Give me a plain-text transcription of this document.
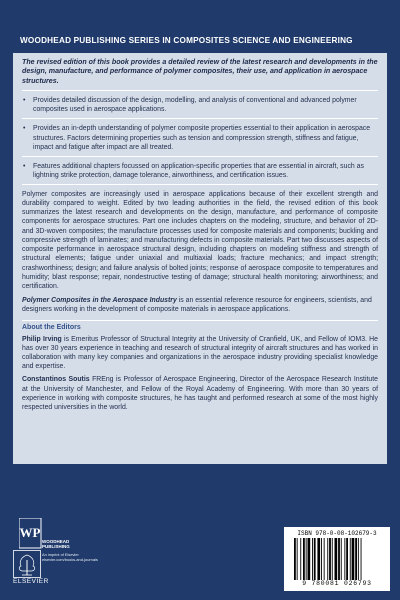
WOODHEAD PUBLISHING SERIES IN COMPOSITES SCIENCE AND ENGINEERING

The revised edition of this book provides a detailed review of the latest research and developments in the design, manufacture, and performance of polymer composites, their use, and application in aerospace structures.

• Provides detailed discussion of the design, modelling, and analysis of conventional and advanced polymer composites used in aerospace applications.
• Provides an in-depth understanding of polymer composite properties essential to their application in aerospace structures. Factors determining properties such as tension and compression strength, stiffness and fatigue, impact and fatigue after impact are all treated.
• Features additional chapters focussed on application-specific properties that are essential in aircraft, such as lightning strike protection, damage tolerance, airworthiness, and certification issues.

Polymer composites are increasingly used in aerospace applications because of their excellent strength and durability compared to weight. Edited by two leading authorities in the field, the revised edition of this book summarizes the latest research and developments on the design, manufacture, and performance of composite components for aerospace structures. Part one includes chapters on the modeling, structure, and behavior of 2D- and 3D-woven composites; the manufacture processes used for composite materials and components; buckling and compressive strength of laminates; and manufacturing defects in composite materials. Part two discusses aspects of composite performance in aerospace structural design, including chapters on modeling stiffness and strength of structural elements; fatigue under uniaxial and multiaxial loads; fracture mechanics; and impact strength; crashworthiness; design; and failure analysis of bolted joints; response of aerospace composite to temperatures and humidity; blast response; repair, nondestructive testing of damage; structural health monitoring; airworthiness; and certification.

Polymer Composites in the Aerospace Industry is an essential reference resource for engineers, scientists, and designers working in the development of composite materials in aerospace applications.

About the Editors

Philip Irving is Emeritus Professor of Structural Integrity at the University of Cranfield, UK, and Fellow of IOM3. He has over 30 years experience in teaching and research of structural integrity of aircraft structures and has worked in collaboration with many key companies and organizations in the aerospace industry providing specialist knowledge and expertise.

Constantinos Soutis FREng is Professor of Aerospace Engineering, Director of the Aerospace Research Institute at the University of Manchester, and Fellow of the Royal Academy of Engineering. With more than 30 years of experience in working with composite structures, he has taught and performed research at some of the most highly respected universities in the world.

WP
WOODHEAD
PUBLISHING
ELSEVIER
An imprint of Elsevier
elsevier.com/books-and-journals
ISBN 978-0-08-102679-3
9 780081 026793
